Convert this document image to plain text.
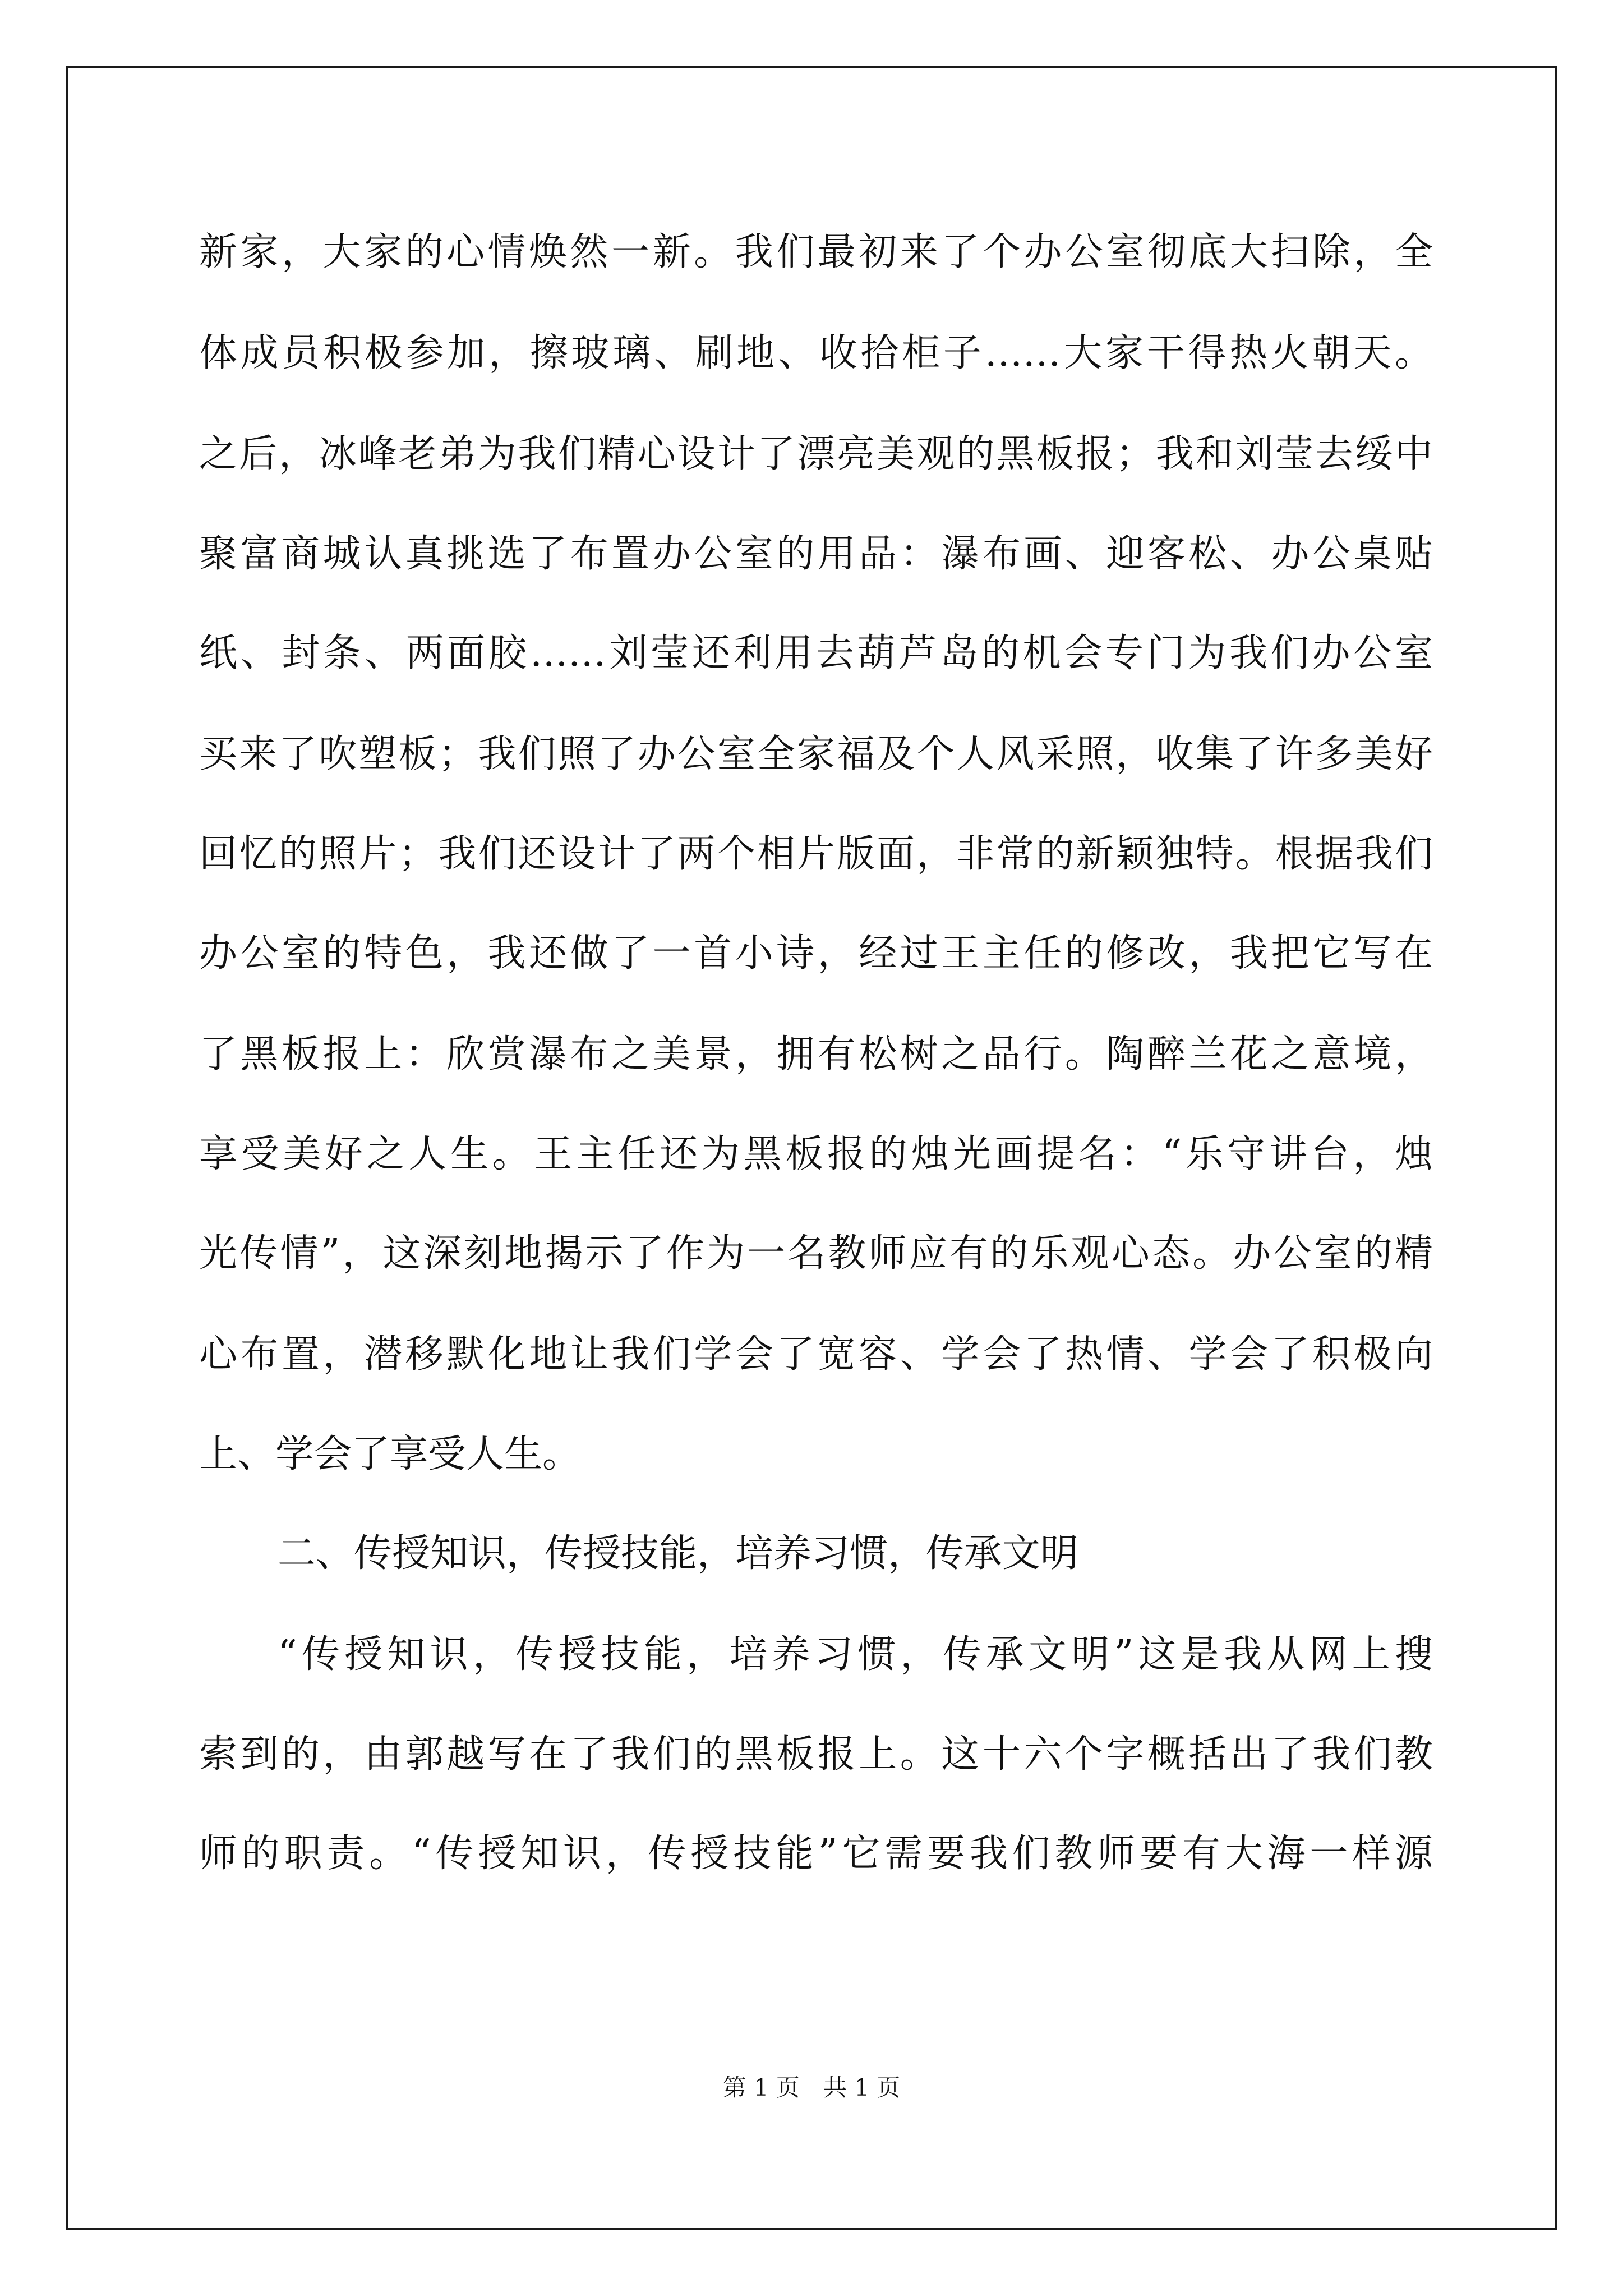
新家，大家的心情焕然一新。我们最初来了个办公室彻底大扫除，全
体成员积极参加，擦玻璃、刷地、收拾柜子……大家干得热火朝天。
之后，冰峰老弟为我们精心设计了漂亮美观的黑板报；我和刘莹去绥中
聚富商城认真挑选了布置办公室的用品：瀑布画、迎客松、办公桌贴
纸、封条、两面胶……刘莹还利用去葫芦岛的机会专门为我们办公室
买来了吹塑板；我们照了办公室全家福及个人风采照，收集了许多美好
回忆的照片；我们还设计了两个相片版面，非常的新颖独特。根据我们
办公室的特色，我还做了一首小诗，经过王主任的修改，我把它写在
了黑板报上：欣赏瀑布之美景，拥有松树之品行。陶醉兰花之意境，
享受美好之人生。王主任还为黑板报的烛光画提名：“乐守讲台，烛
光传情”，这深刻地揭示了作为一名教师应有的乐观心态。办公室的精
心布置，潜移默化地让我们学会了宽容、学会了热情、学会了积极向
上、学会了享受人生。
二、传授知识，传授技能，培养习惯，传承文明
“传授知识，传授技能，培养习惯，传承文明”这是我从网上搜
索到的，由郭越写在了我们的黑板报上。这十六个字概括出了我们教
师的职责。“传授知识，传授技能”它需要我们教师要有大海一样源
第 1 页　共 1 页
